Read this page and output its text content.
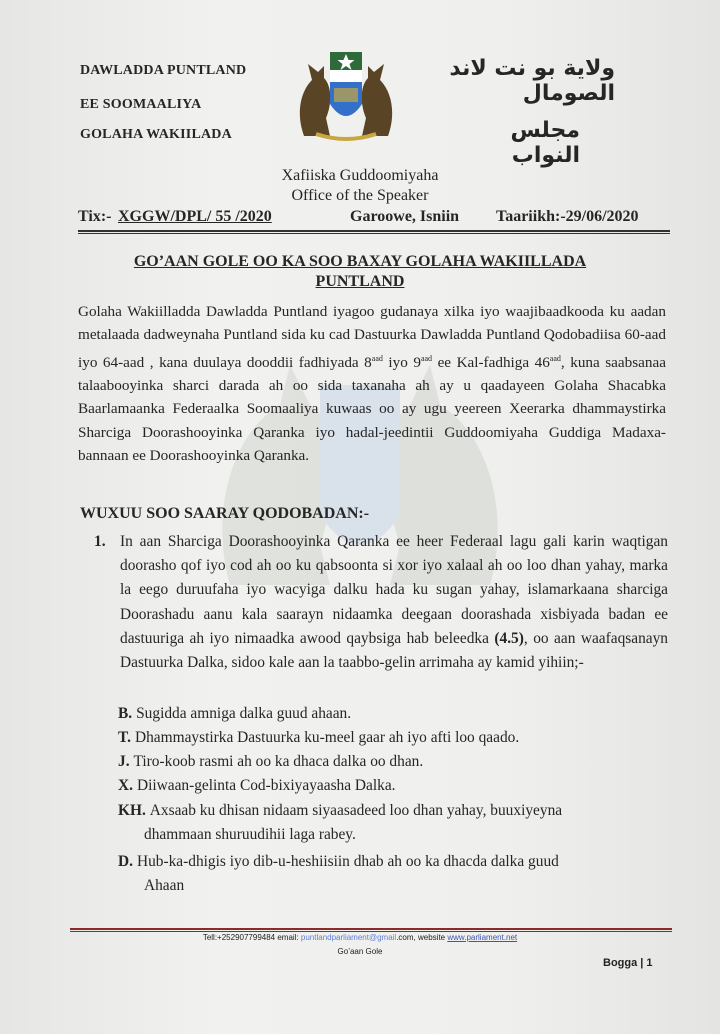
DAWLADDA PUNTLAND
EE SOOMAALIYA
GOLAHA WAKIILADA
ولاية بو نت لاند الصومال
مجلس النواب
Xafiiska Guddoomiyaha
Office of the Speaker
Tix:- XGGW/DPL/ 55 /2020	Garoowe, Isniin Taariikh:-29/06/2020
GO’AAN GOLE OO KA SOO BAXAY GOLAHA WAKIILLADA
PUNTLAND

Golaha Wakiilladda Dawladda Puntland iyagoo gudanaya xilka iyo waajibaadkooda ku aadan metalaada dadweynaha Puntland sida ku cad Dastuurka Dawladda Puntland Qodobadiisa 60-aad iyo 64-aad , kana duulaya dooddii fadhiyada $8^{aad}$ iyo $9^{aad}$ ee Kal-fadhiga $46^{aad}$, kuna saabsanaa talaabooyinka sharci darada ah oo sida taxanaha ah ay u qaadayeen Golaha Shacabka Baarlamaanka Federaalka Soomaaliya kuwaas oo ay ugu yeereen Xeerarka dhammaystirka Sharciga Doorashooyinka Qaranka iyo hadal-jeedintii Guddoomiyaha Guddiga Madaxa-bannaan ee Doorashooyinka Qaranka.

WUXUU SOO SAARAY QODOBADAN:-
1. In aan Sharciga Doorashooyinka Qaranka ee heer Federaal lagu gali karin waqtigan doorasho qof iyo cod ah oo ku qabsoonta si xor iyo xalaal ah oo loo dhan yahay, marka la eego duruufaha iyo wacyiga dalku hada ku sugan yahay, islamarkaana sharciga Doorashadu aanu kala saarayn nidaamka deegaan doorashada xisbiyada badan ee dastuuriga ah iyo nimaadka awood qaybsiga hab beleedka (4.5), oo aan waafaqsanayn Dastuurka Dalka, sidoo kale aan la taabbo-gelin arrimaha ay kamid yihiin;-
B. Sugidda amniga dalka guud ahaan.
T. Dhammaystirka Dastuurka ku-meel gaar ah iyo afti loo qaado.
J. Tiro-koob rasmi ah oo ka dhaca dalka oo dhan.
X. Diiwaan-gelinta Cod-bixiyayaasha Dalka.
KH. Axsaab ku dhisan nidaam siyaasadeed loo dhan yahay, buuxiyeyna
dhammaan shuruudihii laga rabey.
D. Hub-ka-dhigis iyo dib-u-heshiisiin dhab ah oo ka dhacda dalka guud
Ahaan
Tell:+252907799484 email: puntlandparliament@gmail.com, website www.parliament.net
Go’aan Gole
Bogga | 1
